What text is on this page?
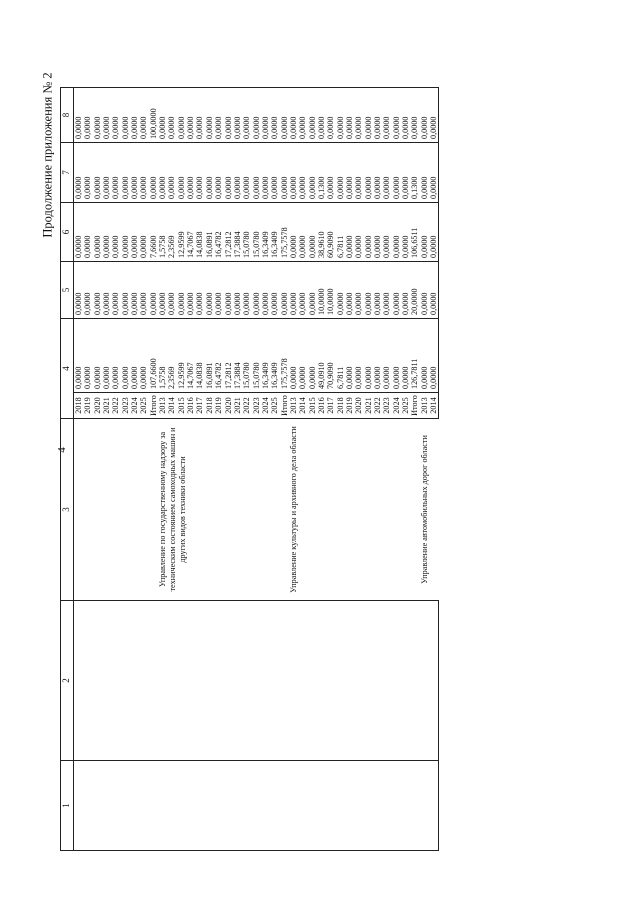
4
Продолжение приложения № 2
1	2	3	4		5	6	7	8
			2018	0,0000	0,0000	0,0000	0,0000	0,0000
			2019	0,0000	0,0000	0,0000	0,0000	0,0000
			2020	0,0000	0,0000	0,0000	0,0000	0,0000
			2021	0,0000	0,0000	0,0000	0,0000	0,0000
			2022	0,0000	0,0000	0,0000	0,0000	0,0000
			2023	0,0000	0,0000	0,0000	0,0000	0,0000
			2024	0,0000	0,0000	0,0000	0,0000	0,0000
			2025	0,0000	0,0000	0,0000	0,0000	0,0000
			Итого	107,6600	0,0000	7,6600	0,0000	100,0000
		Управление по государственному надзору за техническим состоянием самоходных машин и других видов техники области	2013	1,5758	0,0000	1,5758	0,0000	0,0000
			2014	2,3569	0,0000	2,3569	0,0000	0,0000
			2015	12,9599	0,0000	12,9599	0,0000	0,0000
			2016	14,7067	0,0000	14,7067	0,0000	0,0000
			2017	14,0838	0,0000	14,0838	0,0000	0,0000
			2018	16,0891	0,0000	16,0891	0,0000	0,0000
			2019	16,4782	0,0000	16,4782	0,0000	0,0000
			2020	17,2812	0,0000	17,2812	0,0000	0,0000
			2021	17,3884	0,0000	17,3884	0,0000	0,0000
			2022	15,0780	0,0000	15,0780	0,0000	0,0000
			2023	15,0780	0,0000	15,0780	0,0000	0,0000
			2024	16,3409	0,0000	16,3409	0,0000	0,0000
			2025	16,3409	0,0000	16,3409	0,0000	0,0000
			Итого	175,7578	0,0000	175,7578	0,0000	0,0000
		Управление культуры и архивного дела области	2013	0,0000	0,0000	0,0000	0,0000	0,0000
			2014	0,0000	0,0000	0,0000	0,0000	0,0000
			2015	0,0000	0,0000	0,0000	0,0000	0,0000
			2016	49,0910	10,0000	38,9610	0,1300	0,0000
			2017	70,9090	10,0000	60,9090	0,0000	0,0000
			2018	6,7811	0,0000	6,7811	0,0000	0,0000
			2019	0,0000	0,0000	0,0000	0,0000	0,0000
			2020	0,0000	0,0000	0,0000	0,0000	0,0000
			2021	0,0000	0,0000	0,0000	0,0000	0,0000
			2022	0,0000	0,0000	0,0000	0,0000	0,0000
			2023	0,0000	0,0000	0,0000	0,0000	0,0000
			2024	0,0000	0,0000	0,0000	0,0000	0,0000
			2025	0,0000	0,0000	0,0000	0,0000	0,0000
			Итого	126,7811	20,0000	106,6511	0,1300	0,0000
		Управление автомобильных дорог области	2013	0,0000	0,0000	0,0000	0,0000	0,0000
			2014	0,0000	0,0000	0,0000	0,0000	0,0000
